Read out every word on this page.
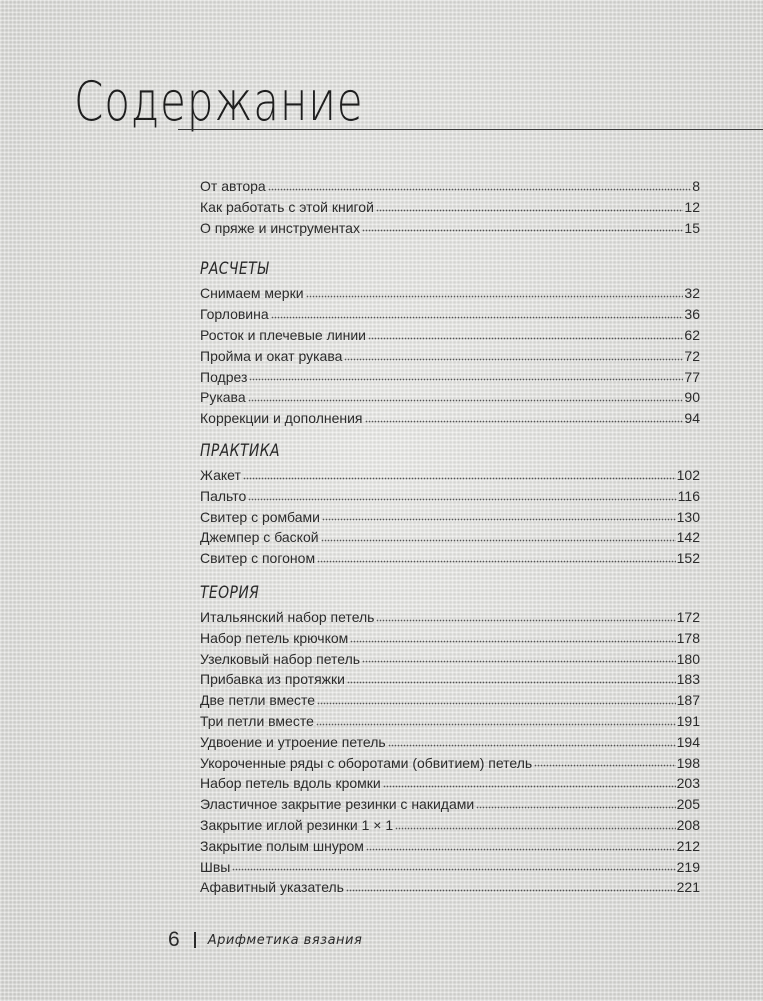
Содержание
От автора	8
Как работать с этой книгой	12
О пряже и инструментах	15
РАСЧЕТЫ
Снимаем мерки	32
Горловина	36
Росток и плечевые линии	62
Пройма и окат рукава	72
Подрез	77
Рукава	90
Коррекции и дополнения	94
ПРАКТИКА
Жакет	102
Пальто	116
Свитер с ромбами	130
Джемпер с баской	142
Свитер с погоном	152
ТЕОРИЯ
Итальянский набор петель	172
Набор петель крючком	178
Узелковый набор петель	180
Прибавка из протяжки	183
Две петли вместе	187
Три петли вместе	191
Удвоение и утроение петель	194
Укороченные ряды с оборотами (обвитием) петель	198
Набор петель вдоль кромки	203
Эластичное закрытие резинки с накидами	205
Закрытие иглой резинки 1 × 1	208
Закрытие полым шнуром	212
Швы	219
Афавитный указатель	221
6 Арифметика вязания
